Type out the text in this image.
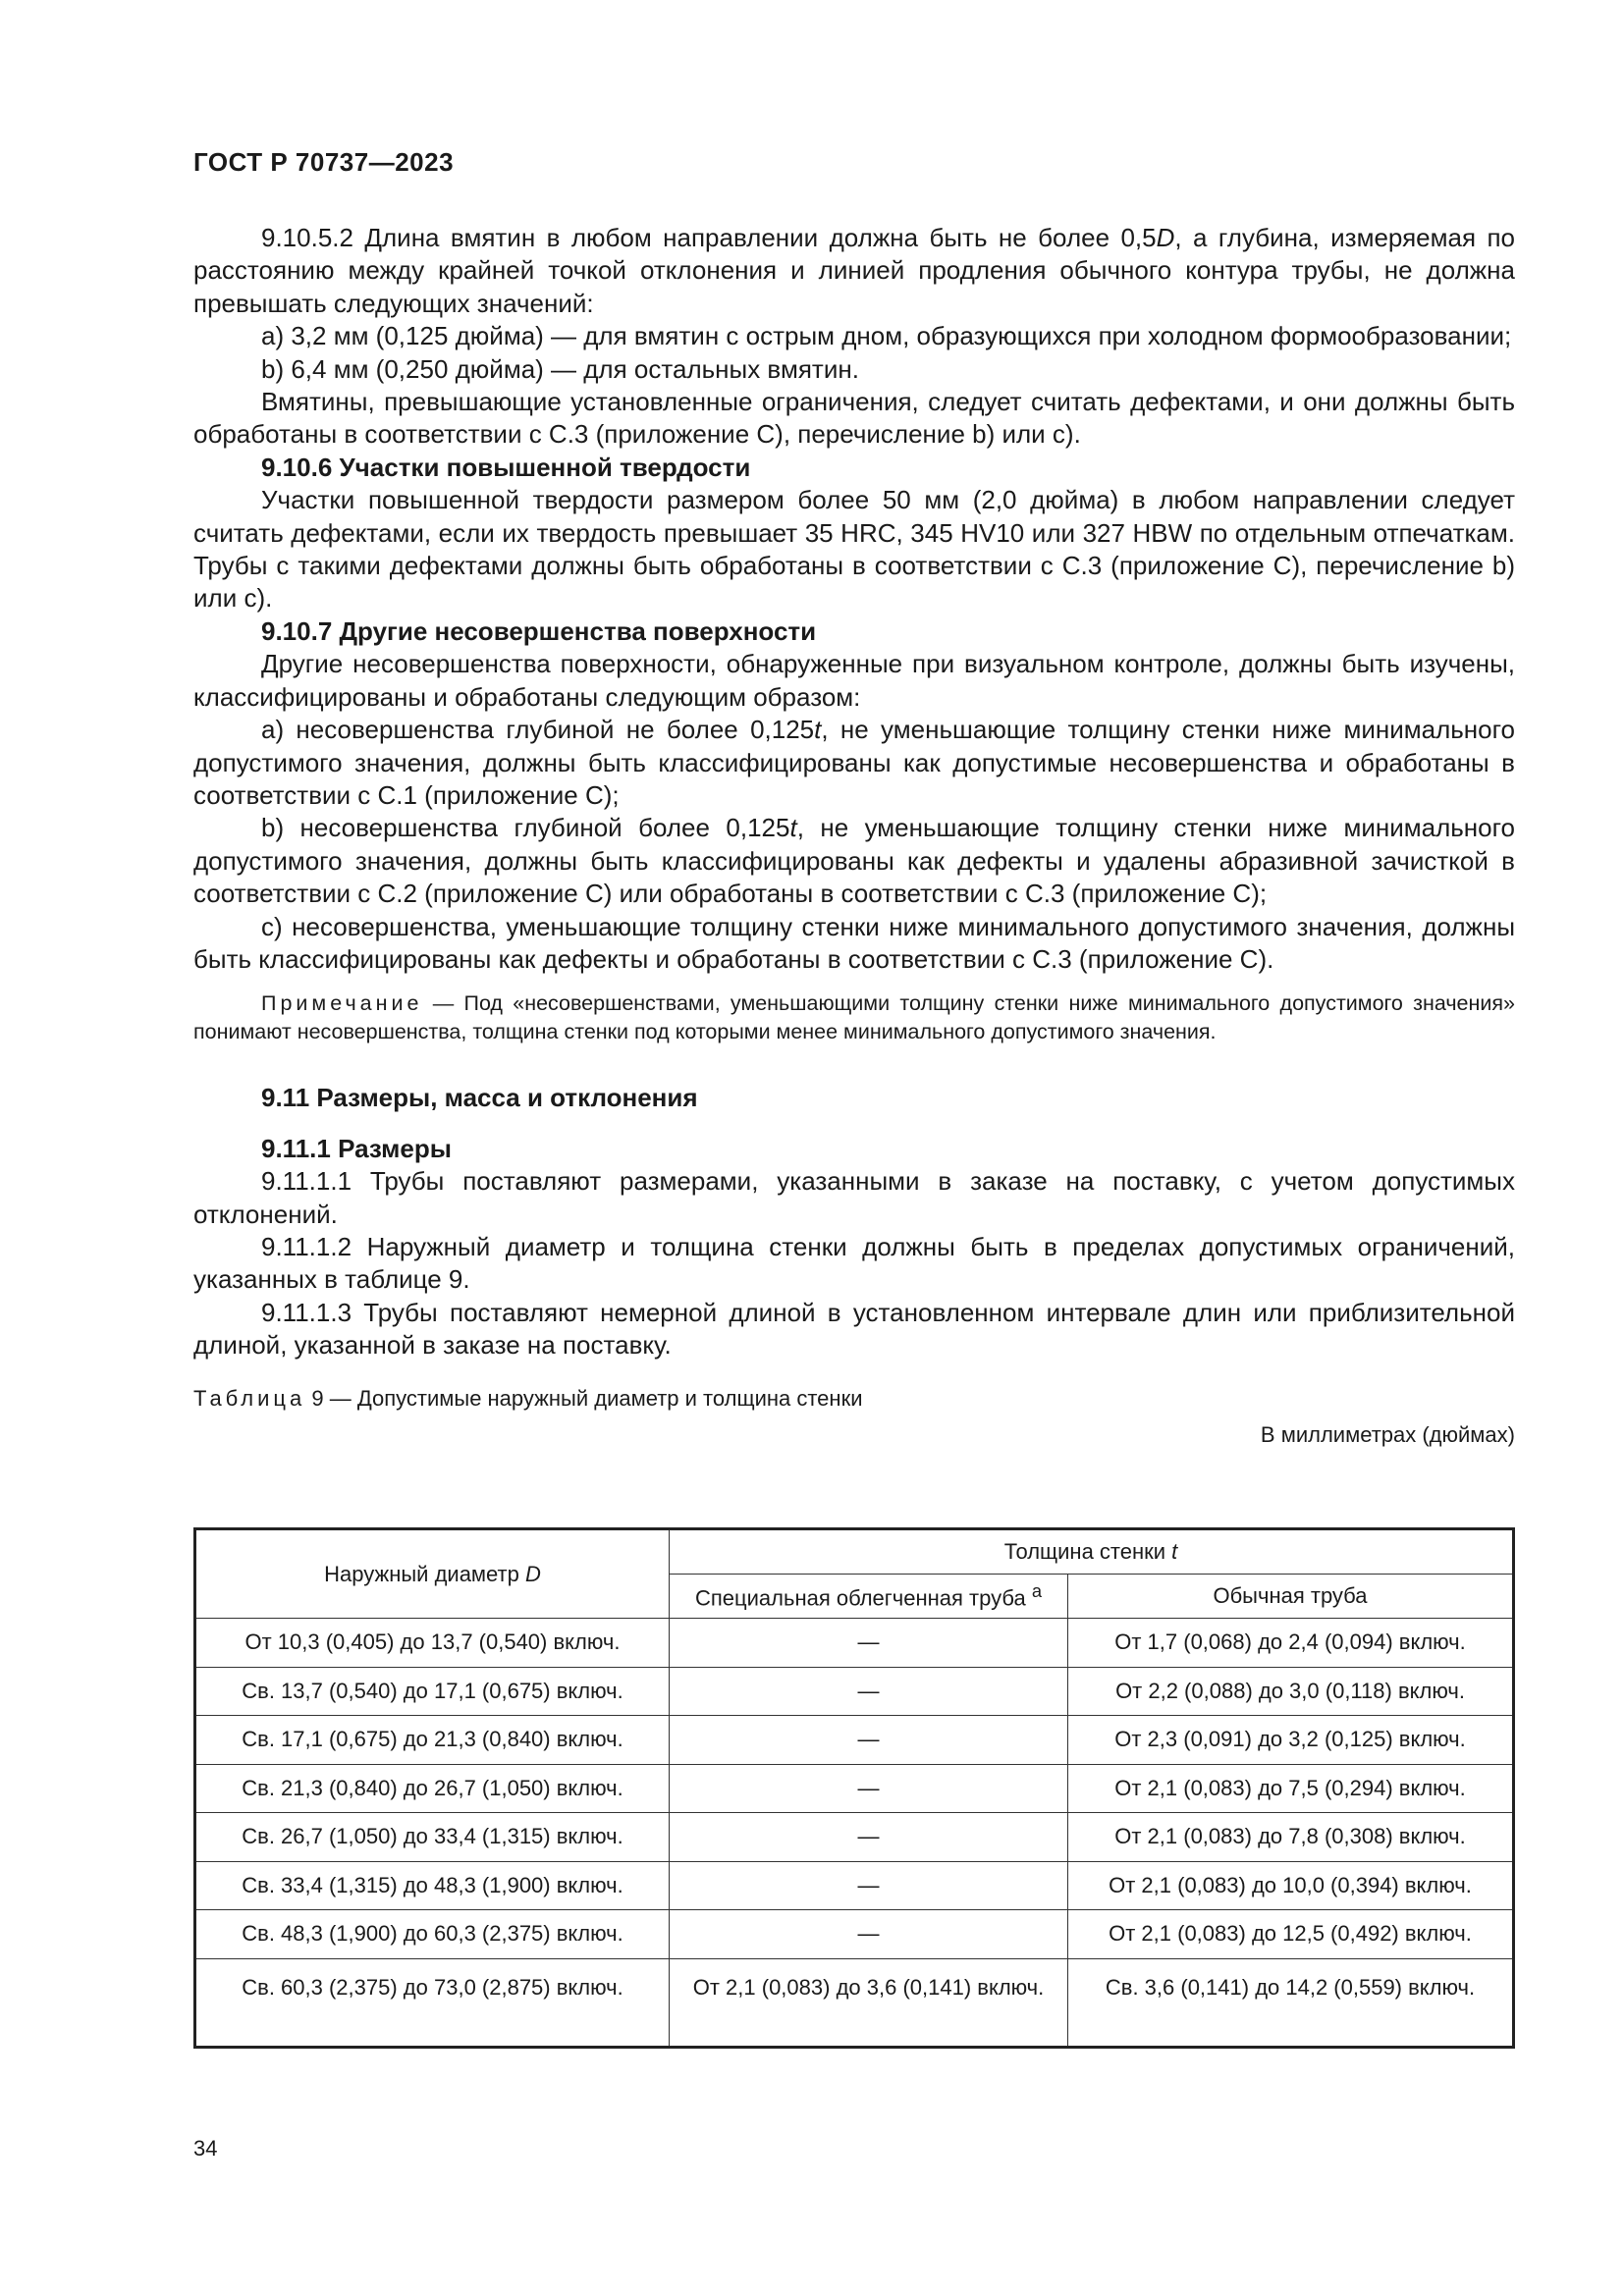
ГОСТ Р 70737—2023

9.10.5.2 Длина вмятин в любом направлении должна быть не более 0,5D, а глубина, измеряемая по расстоянию между крайней точкой отклонения и линией продления обычного контура трубы, не должна превышать следующих значений:

а) 3,2 мм (0,125 дюйма) — для вмятин с острым дном, образующихся при холодном формообразовании;

b) 6,4 мм (0,250 дюйма) — для остальных вмятин.

Вмятины, превышающие установленные ограничения, следует считать дефектами, и они должны быть обработаны в соответствии с С.3 (приложение С), перечисление b) или с).

9.10.6 Участки повышенной твердости

Участки повышенной твердости размером более 50 мм (2,0 дюйма) в любом направлении следует считать дефектами, если их твердость превышает 35 HRC, 345 HV10 или 327 HBW по отдельным отпечаткам. Трубы с такими дефектами должны быть обработаны в соответствии с С.3 (приложение С), перечисление b) или с).

9.10.7 Другие несовершенства поверхности

Другие несовершенства поверхности, обнаруженные при визуальном контроле, должны быть изучены, классифицированы и обработаны следующим образом:

а) несовершенства глубиной не более 0,125t, не уменьшающие толщину стенки ниже минимального допустимого значения, должны быть классифицированы как допустимые несовершенства и обработаны в соответствии с С.1 (приложение С);

b) несовершенства глубиной более 0,125t, не уменьшающие толщину стенки ниже минимального допустимого значения, должны быть классифицированы как дефекты и удалены абразивной зачисткой в соответствии с С.2 (приложение С) или обработаны в соответствии с С.3 (приложение С);

с) несовершенства, уменьшающие толщину стенки ниже минимального допустимого значения, должны быть классифицированы как дефекты и обработаны в соответствии с С.3 (приложение С).

Примечание — Под «несовершенствами, уменьшающими толщину стенки ниже минимального допустимого значения» понимают несовершенства, толщина стенки под которыми менее минимального допустимого значения.

9.11 Размеры, масса и отклонения

9.11.1 Размеры

9.11.1.1 Трубы поставляют размерами, указанными в заказе на поставку, с учетом допустимых отклонений.

9.11.1.2 Наружный диаметр и толщина стенки должны быть в пределах допустимых ограничений, указанных в таблице 9.

9.11.1.3 Трубы поставляют немерной длиной в установленном интервале длин или приблизительной длиной, указанной в заказе на поставку.

Таблица 9 — Допустимые наружный диаметр и толщина стенки

В миллиметрах (дюймах)

Наружный диаметр D	Толщина стенки t	
	Специальная облегченная труба $^а$	Обычная труба
От 10,3 (0,405) до 13,7 (0,540) включ.	—	От 1,7 (0,068) до 2,4 (0,094) включ.
Св. 13,7 (0,540) до 17,1 (0,675) включ.	—	От 2,2 (0,088) до 3,0 (0,118) включ.
Св. 17,1 (0,675) до 21,3 (0,840) включ.	—	От 2,3 (0,091) до 3,2 (0,125) включ.
Св. 21,3 (0,840) до 26,7 (1,050) включ.	—	От 2,1 (0,083) до 7,5 (0,294) включ.
Св. 26,7 (1,050) до 33,4 (1,315) включ.	—	От 2,1 (0,083) до 7,8 (0,308) включ.
Св. 33,4 (1,315) до 48,3 (1,900) включ.	—	От 2,1 (0,083) до 10,0 (0,394) включ.
Св. 48,3 (1,900) до 60,3 (2,375) включ.	—	От 2,1 (0,083) до 12,5 (0,492) включ.
Св. 60,3 (2,375) до 73,0 (2,875) включ.	От 2,1 (0,083) до 3,6 (0,141) включ.	Св. 3,6 (0,141) до 14,2 (0,559) включ.
34
